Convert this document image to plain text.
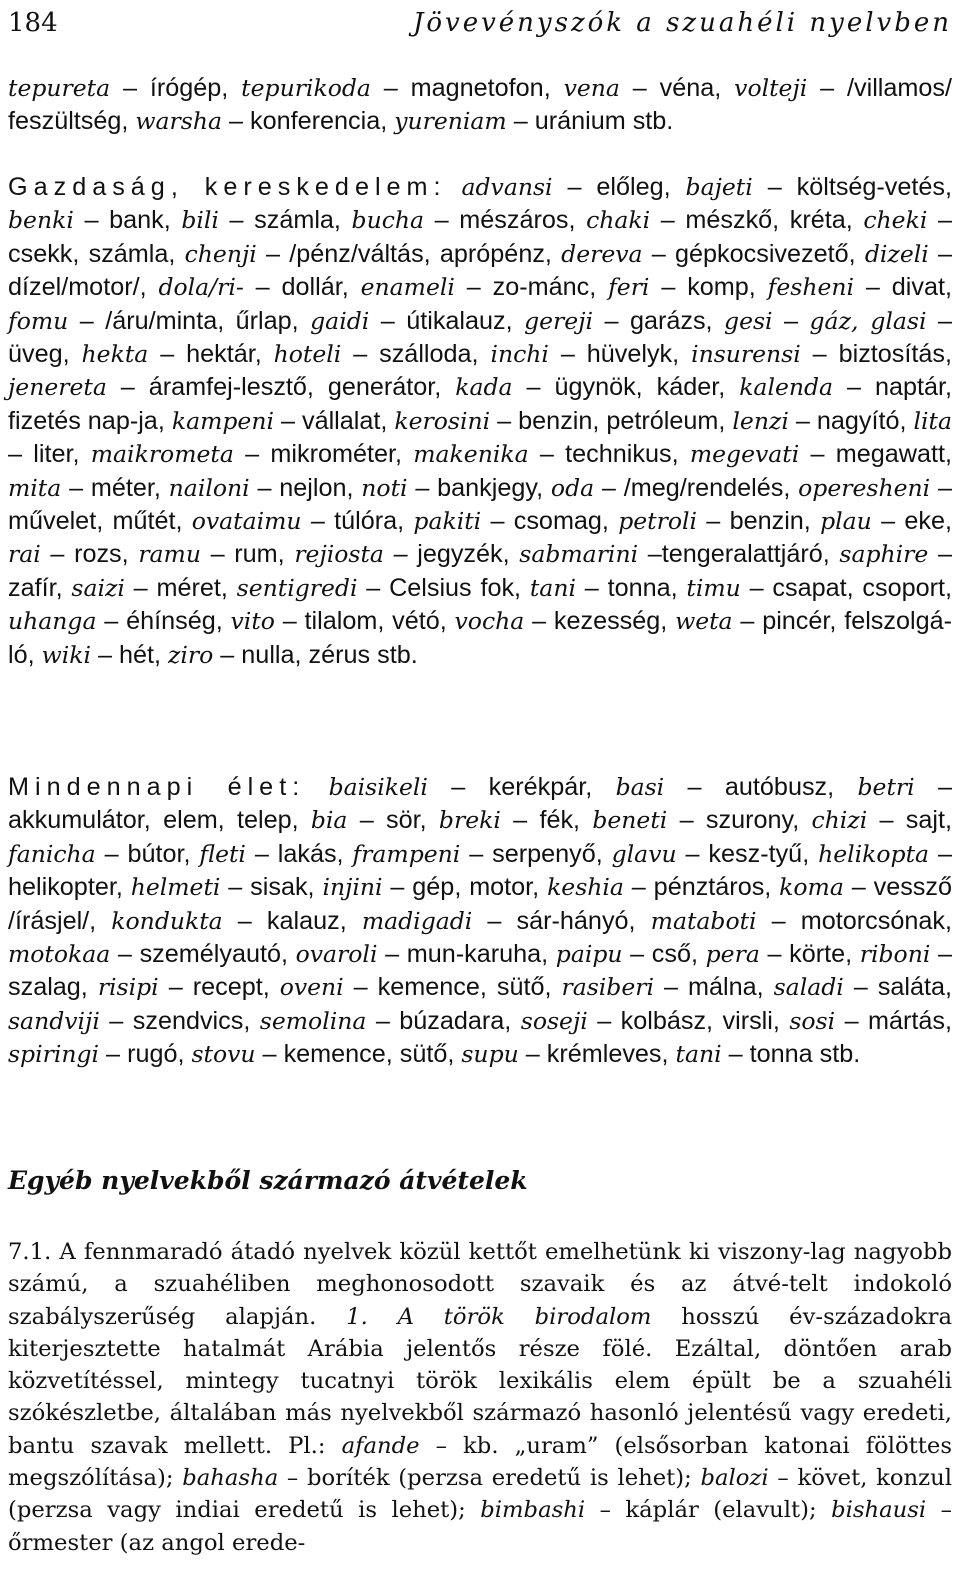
184	Jövevényszók a szuahéli nyelvben

tepureta – írógép, tepurikoda – magnetofon, vena – véna, volteji – /villamos/ feszültség, warsha – konferencia, yureniam – uránium stb.

Gazdaság, kereskedelem: advansi – előleg, bajeti – költség-vetés, benki – bank, bili – számla, bucha – mészáros, chaki – mészkő, kréta, cheki – csekk, számla, chenji – /pénz/váltás, aprópénz, dereva – gépkocsivezető, dizeli – dízel/motor/, dola/ri- – dollár, enameli – zo-mánc, feri – komp, fesheni – divat, fomu – /áru/minta, űrlap, gaidi – útikalauz, gereji – garázs, gesi – gáz, glasi – üveg, hekta – hektár, hoteli – szálloda, inchi – hüvelyk, insurensi – biztosítás, jenereta – áramfej-lesztő, generátor, kada – ügynök, káder, kalenda – naptár, fizetés nap-ja, kampeni – vállalat, kerosini – benzin, petróleum, lenzi – nagyító, lita – liter, maikrometa – mikrométer, makenika – technikus, megevati – megawatt, mita – méter, nailoni – nejlon, noti – bankjegy, oda – /meg/rendelés, operesheni – művelet, műtét, ovataimu – túlóra, pakiti – csomag, petroli – benzin, plau – eke, rai – rozs, ramu – rum, rejiosta – jegyzék, sabmarini –tengeralattjáró, saphire – zafír, saizi – méret, sentigredi – Celsius fok, tani – tonna, timu – csapat, csoport, uhanga – éhínség, vito – tilalom, vétó, vocha – kezesség, weta – pincér, felszolgá-ló, wiki – hét, ziro – nulla, zérus stb.

Mindennapi élet: baisikeli – kerékpár, basi – autóbusz, betri – akkumulátor, elem, telep, bia – sör, breki – fék, beneti – szurony, chizi – sajt, fanicha – bútor, fleti – lakás, frampeni – serpenyő, glavu – kesz-tyű, helikopta – helikopter, helmeti – sisak, injini – gép, motor, keshia – pénztáros, koma – vessző /írásjel/, kondukta – kalauz, madigadi – sár-hányó, mataboti – motorcsónak, motokaa – személyautó, ovaroli – mun-karuha, paipu – cső, pera – körte, riboni – szalag, risipi – recept, oveni – kemence, sütő, rasiberi – málna, saladi – saláta, sandviji – szendvics, semolina – búzadara, soseji – kolbász, virsli, sosi – mártás, spiringi – rugó, stovu – kemence, sütő, supu – krémleves, tani – tonna stb.

Egyéb nyelvekből származó átvételek

7.1. A fennmaradó átadó nyelvek közül kettőt emelhetünk ki viszony-lag nagyobb számú, a szuahéliben meghonosodott szavaik és az átvé-telt indokoló szabályszerűség alapján. 1. A török birodalom hosszú év-századokra kiterjesztette hatalmát Arábia jelentős része fölé. Ezáltal, döntően arab közvetítéssel, mintegy tucatnyi török lexikális elem épült be a szuahéli szókészletbe, általában más nyelvekből származó hasonló jelentésű vagy eredeti, bantu szavak mellett. Pl.: afande – kb. „uram” (elsősorban katonai fölöttes megszólítása); bahasha – boríték (perzsa eredetű is lehet); balozi – követ, konzul (perzsa vagy indiai eredetű is lehet); bimbashi – káplár (elavult); bishausi – őrmester (az angol erede-
